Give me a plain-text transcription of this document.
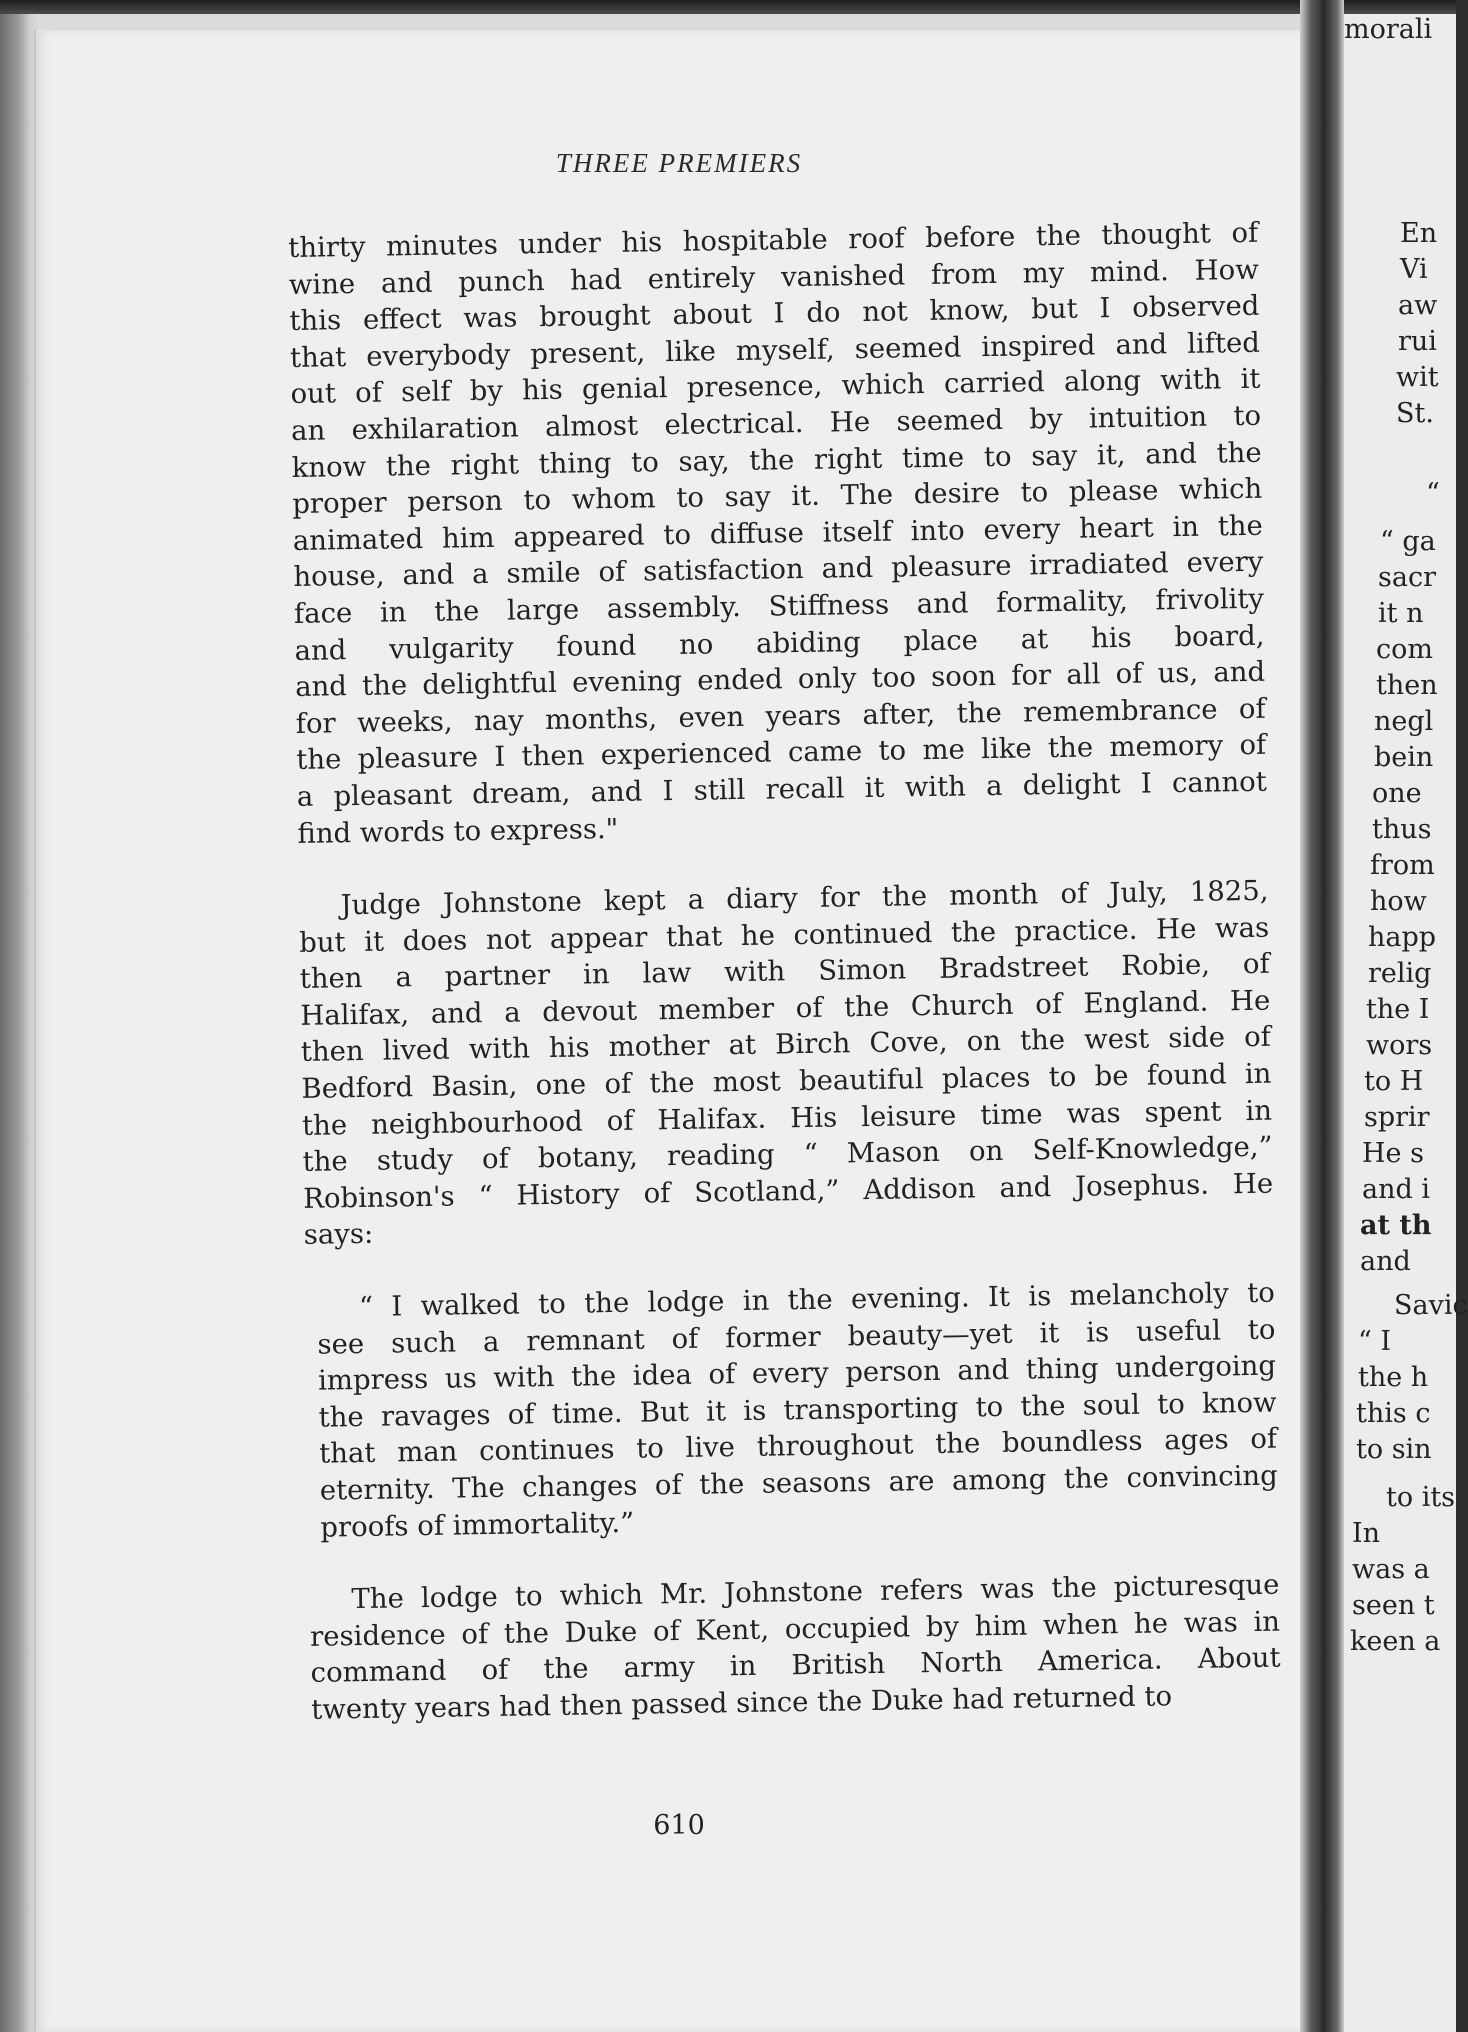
THREE PREMIERS
thirty minutes under his hospitable roof before the thought of
wine and punch had entirely vanished from my mind. How
this effect was brought about I do not know, but I observed
that everybody present, like myself, seemed inspired and lifted
out of self by his genial presence, which carried along with it
an exhilaration almost electrical. He seemed by intuition to
know the right thing to say, the right time to say it, and the
proper person to whom to say it. The desire to please which
animated him appeared to diffuse itself into every heart in the
house, and a smile of satisfaction and pleasure irradiated every
face in the large assembly. Stiffness and formality, frivolity
and vulgarity found no abiding place at his board,
and the delightful evening ended only too soon for all of us, and
for weeks, nay months, even years after, the remembrance of
the pleasure I then experienced came to me like the memory of
a pleasant dream, and I still recall it with a delight I cannot
find words to express."
Judge Johnstone kept a diary for the month of July, 1825,
but it does not appear that he continued the practice. He was
then a partner in law with Simon Bradstreet Robie, of
Halifax, and a devout member of the Church of England. He
then lived with his mother at Birch Cove, on the west side of
Bedford Basin, one of the most beautiful places to be found in
the neighbourhood of Halifax. His leisure time was spent in
the study of botany, reading “ Mason on Self-Knowledge,”
Robinson's “ History of Scotland,” Addison and Josephus. He
says:
“ I walked to the lodge in the evening. It is melancholy to
see such a remnant of former beauty—yet it is useful to
impress us with the idea of every person and thing undergoing
the ravages of time. But it is transporting to the soul to know
that man continues to live throughout the boundless ages of
eternity. The changes of the seasons are among the convincing
proofs of immortality.”
The lodge to which Mr. Johnstone refers was the picturesque
residence of the Duke of Kent, occupied by him when he was in
command of the army in British North America. About
twenty years had then passed since the Duke had returned to
610
En
Vi
aw
rui
wit
St.
“
“ ga
sacr
it n
com
then
negl
bein
one
thus
from
how
happ
relig
the I
wors
to H
sprir
He s
and i
at th
and
Savic
“ I
the h
this c
to sin
to its
In
was a
seen t
keen a
morali
